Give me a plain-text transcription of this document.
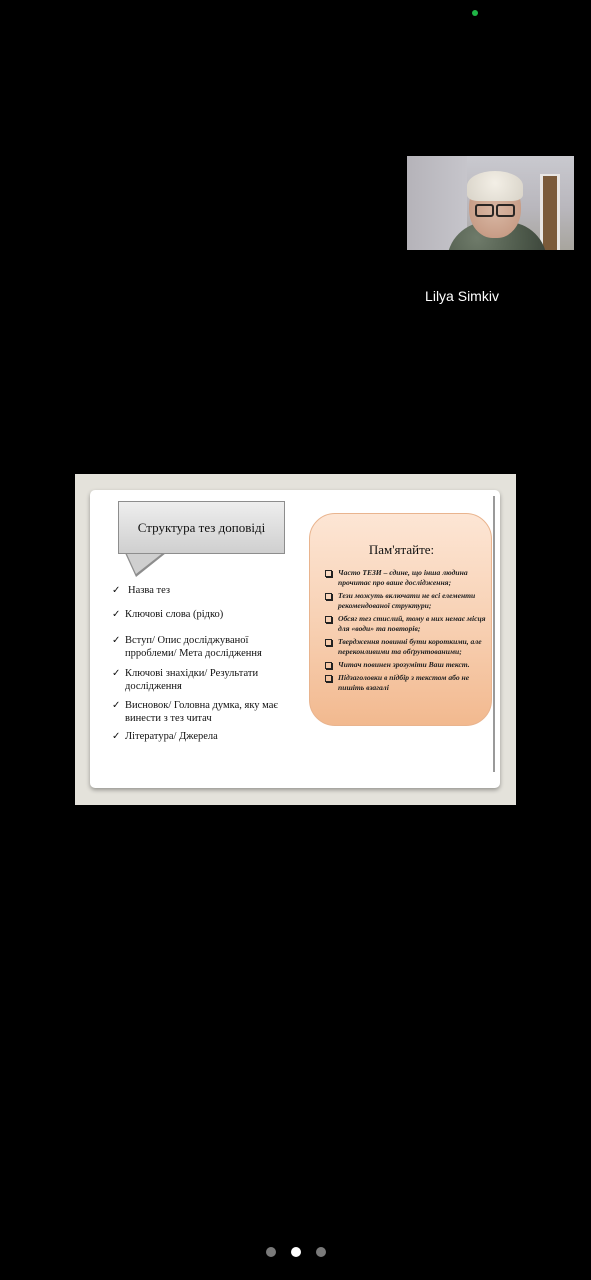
Lilya Simkiv
Структура тез доповіді
✓ Назва тез
✓ Ключові слова (рідко)
✓ Вступ/ Опис досліджуваної прроблеми/ Мета дослідження
✓ Ключові знахідки/ Результати дослідження
✓ Висновок/ Головна думка, яку має винести з тез читач
✓ Література/ Джерела
Пам'ятайте:
Часто ТЕЗИ – єдине, що інша людина прочитає про ваше дослідження;
Тези можуть включати не всі елементи рекомендованої структури;
Обсяг тез стислий, тому в них немає місця для «води» та повторів;
Твердження повинні бути короткими, але переконливими та обґрунтованими;
Читач повинен зрозуміти Ваш текст.
Підзаголовки в підбір з текстом або не пишіть взагалі
